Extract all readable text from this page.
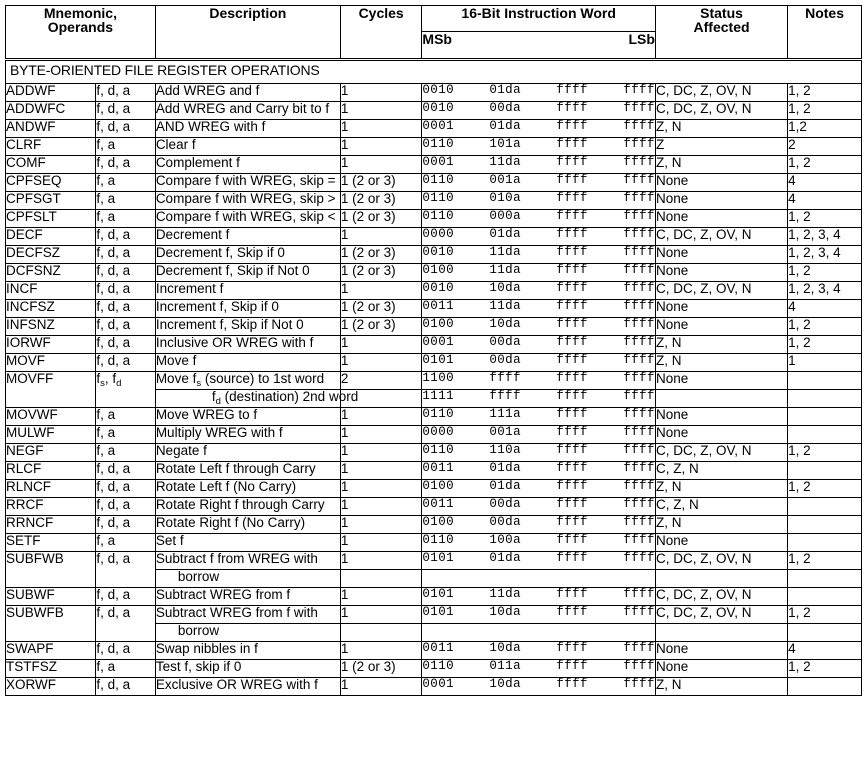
Mnemonic,
Operands
	Description	Cycles	16-Bit Instruction Word	Status
Affected
	Notes

				MSb LSb		

BYTE-ORIENTED FILE REGISTER OPERATIONS						
ADDWF	f, d, a	Add WREG and f	1	0010 01da ffff ffff	C, DC, Z, OV, N	1, 2
ADDWFC	f, d, a	Add WREG and Carry bit to f	1	0010 00da ffff ffff	C, DC, Z, OV, N	1, 2
ANDWF	f, d, a	AND WREG with f	1	0001 01da ffff ffff	Z, N	1,2
CLRF	f, a	Clear f	1	0110 101a ffff ffff	Z	2
COMF	f, d, a	Complement f	1	0001 11da ffff ffff	Z, N	1, 2
CPFSEQ	f, a	Compare f with WREG, skip =	1 (2 or 3)	0110 001a ffff ffff	None	4
CPFSGT	f, a	Compare f with WREG, skip >	1 (2 or 3)	0110 010a ffff ffff	None	4
CPFSLT	f, a	Compare f with WREG, skip <	1 (2 or 3)	0110 000a ffff ffff	None	1, 2
DECF	f, d, a	Decrement f	1	0000 01da ffff ffff	C, DC, Z, OV, N	1, 2, 3, 4
DECFSZ	f, d, a	Decrement f, Skip if 0	1 (2 or 3)	0010 11da ffff ffff	None	1, 2, 3, 4
DCFSNZ	f, d, a	Decrement f, Skip if Not 0	1 (2 or 3)	0100 11da ffff ffff	None	1, 2
INCF	f, d, a	Increment f	1	0010 10da ffff ffff	C, DC, Z, OV, N	1, 2, 3, 4
INCFSZ	f, d, a	Increment f, Skip if 0	1 (2 or 3)	0011 11da ffff ffff	None	4
INFSNZ	f, d, a	Increment f, Skip if Not 0	1 (2 or 3)	0100 10da ffff ffff	None	1, 2
IORWF	f, d, a	Inclusive OR WREG with f	1	0001 00da ffff ffff	Z, N	1, 2
MOVF	f, d, a	Move f	1	0101 00da ffff ffff	Z, N	1
MOVFF	$f_s$, $f_d$	Move $f_s$ (source) to 1st word	2	1100 ffff ffff ffff	None	
		$f_d$ (destination) 2nd word		1111 ffff ffff ffff		

MOVWF	f, a	Move WREG to f	1	0110 111a ffff ffff	None	
MULWF	f, a	Multiply WREG with f	1	0000 001a ffff ffff	None	
NEGF	f, a	Negate f	1	0110 110a ffff ffff	C, DC, Z, OV, N	1, 2
RLCF	f, d, a	Rotate Left f through Carry	1	0011 01da ffff ffff	C, Z, N	
RLNCF	f, d, a	Rotate Left f (No Carry)	1	0100 01da ffff ffff	Z, N	1, 2
RRCF	f, d, a	Rotate Right f through Carry	1	0011 00da ffff ffff	C, Z, N	
RRNCF	f, d, a	Rotate Right f (No Carry)	1	0100 00da ffff ffff	Z, N	
SETF	f, a	Set f	1	0110 100a ffff ffff	None	
SUBFWB	f, d, a	Subtract f from WREG with	1	0101 01da ffff ffff	C, DC, Z, OV, N	1, 2
		borrow				
SUBWF	f, d, a	Subtract WREG from f	1	0101 11da ffff ffff	C, DC, Z, OV, N	
SUBWFB	f, d, a	Subtract WREG from f with	1	0101 10da ffff ffff	C, DC, Z, OV, N	1, 2
		borrow				
SWAPF	f, d, a	Swap nibbles in f	1	0011 10da ffff ffff	None	4
TSTFSZ	f, a	Test f, skip if 0	1 (2 or 3)	0110 011a ffff ffff	None	1, 2
XORWF	f, d, a	Exclusive OR WREG with f	1	0001 10da ffff ffff	Z, N	
